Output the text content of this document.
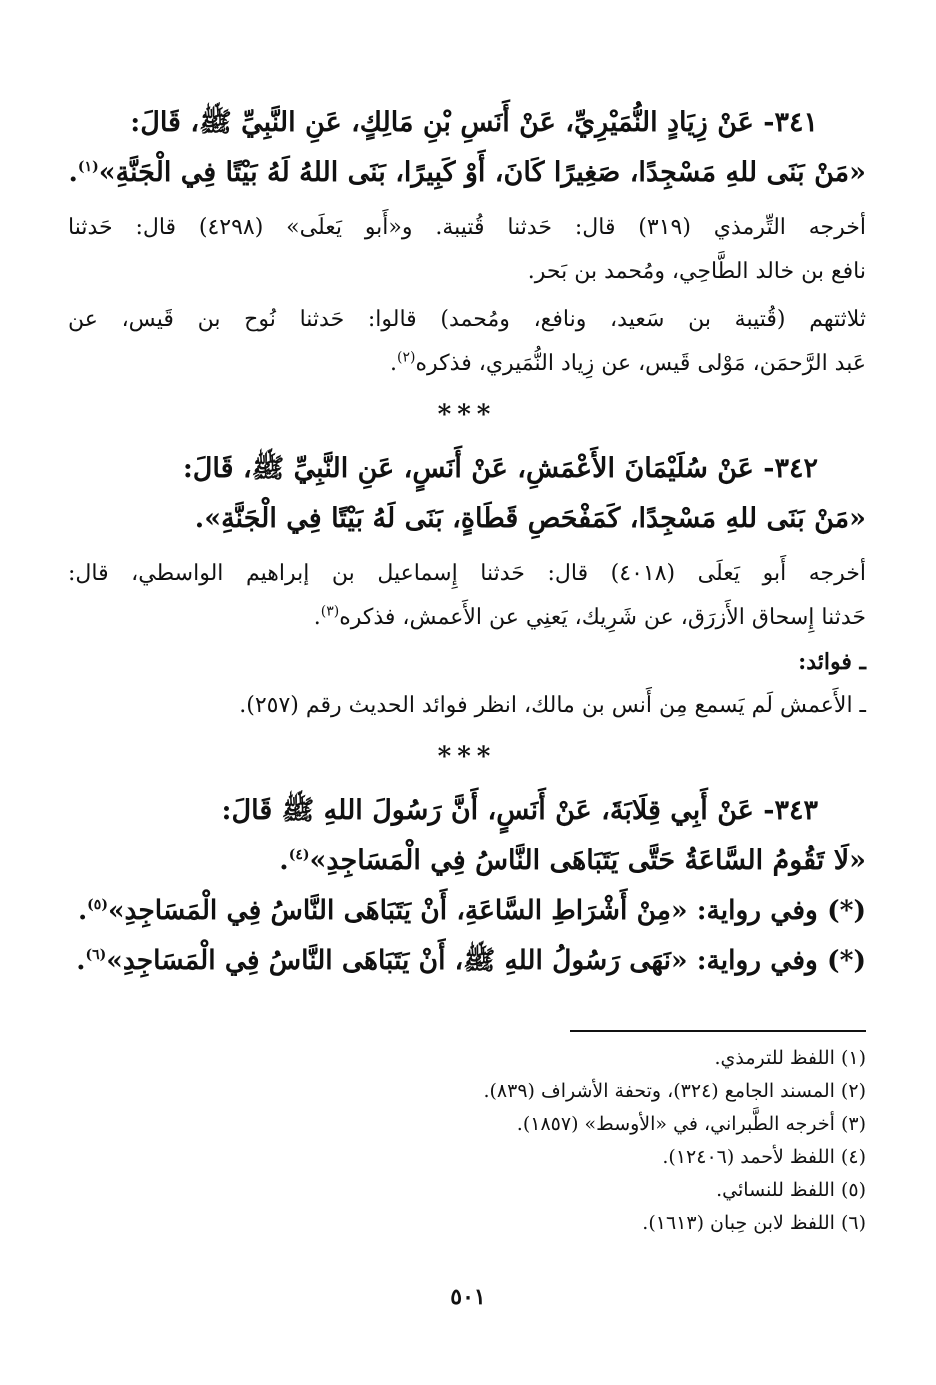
٣٤١- عَنْ زِيَادٍ النُّمَيْرِيِّ، عَنْ أَنَسِ بْنِ مَالِكٍ، عَنِ النَّبِيِّ ﷺ، قَالَ:
«مَنْ بَنَى للهِ مَسْجِدًا، صَغِيرًا كَانَ، أَوْ كَبِيرًا، بَنَى اللهُ لَهُ بَيْتًا فِي الْجَنَّةِ»$^{(١)}$.
أخرجه التِّرمذي (٣١٩) قال: حَدثنا قُتيبة. و«أَبو يَعلَى» (٤٢٩٨) قال: حَدثنا
نافع بن خالد الطَّاحِي، ومُحمد بن بَحر.
ثلاثتهم (قُتيبة بن سَعيد، ونافع، ومُحمد) قالوا: حَدثنا نُوح بن قَيس، عن
عَبد الرَّحمَن، مَوْلى قَيس، عن زِياد النُّمَيري، فذكره$^{(٢)}$.
***
٣٤٢- عَنْ سُلَيْمَانَ الأَعْمَشِ، عَنْ أَنَسٍ، عَنِ النَّبِيِّ ﷺ، قَالَ:
«مَنْ بَنَى للهِ مَسْجِدًا، كَمَفْحَصِ قَطَاةٍ، بَنَى لَهُ بَيْتًا فِي الْجَنَّةِ».
أخرجه أَبو يَعلَى (٤٠١٨) قال: حَدثنا إِسماعيل بن إبراهيم الواسطي، قال:
حَدثنا إِسحاق الأَزرَق، عن شَرِيك، يَعنِي عن الأَعمش، فذكره$^{(٣)}$.
ـ فوائد:
ـ الأَعمش لَم يَسمع مِن أَنس بن مالك، انظر فوائد الحديث رقم (٢٥٧).
***
٣٤٣- عَنْ أَبِي قِلَابَةَ، عَنْ أَنَسٍ، أَنَّ رَسُولَ اللهِ ﷺ قَالَ:
«لَا تَقُومُ السَّاعَةُ حَتَّى يَتَبَاهَى النَّاسُ فِي الْمَسَاجِدِ»$^{(٤)}$.
(*) وفي رواية: «مِنْ أَشْرَاطِ السَّاعَةِ، أَنْ يَتَبَاهَى النَّاسُ فِي الْمَسَاجِدِ»$^{(٥)}$.
(*) وفي رواية: «نَهَى رَسُولُ اللهِ ﷺ، أَنْ يَتَبَاهَى النَّاسُ فِي الْمَسَاجِدِ»$^{(٦)}$.
(١) اللفظ للترمذي.
(٢) المسند الجامع (٣٢٤)، وتحفة الأشراف (٨٣٩).
(٣) أخرجه الطَّبراني، في «الأوسط» (١٨٥٧).
(٤) اللفظ لأحمد (١٢٤٠٦).
(٥) اللفظ للنسائي.
(٦) اللفظ لابن حِبان (١٦١٣).
٥٠١
